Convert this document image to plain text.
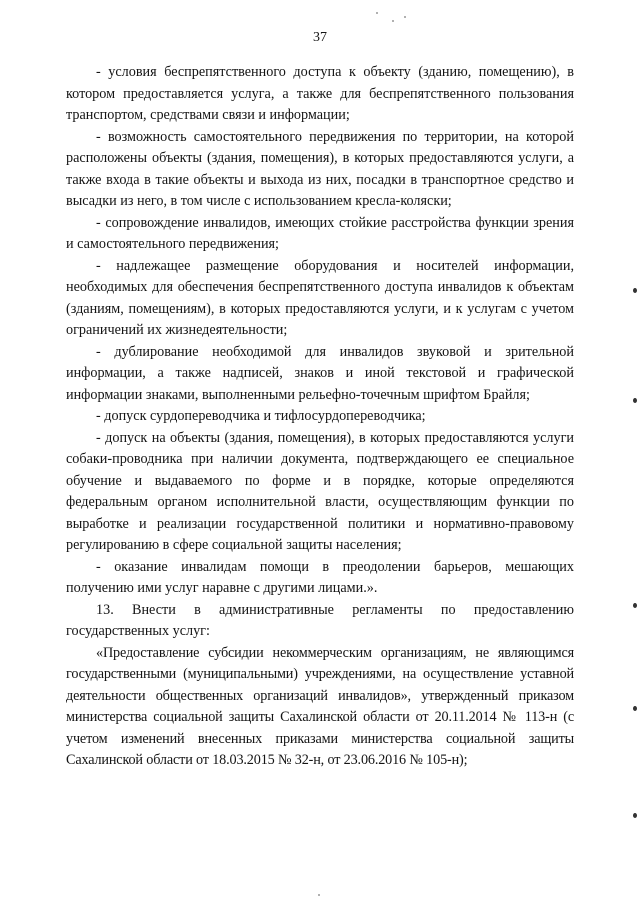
37

- условия беспрепятственного доступа к объекту (зданию, помещению), в котором предоставляется услуга, а также для беспрепятственного пользования транспортом, средствами связи и информации;

- возможность самостоятельного передвижения по территории, на которой расположены объекты (здания, помещения), в которых предоставляются услуги, а также входа в такие объекты и выхода из них, посадки в транспортное средство и высадки из него, в том числе с использованием кресла-коляски;

- сопровождение инвалидов, имеющих стойкие расстройства функции зрения и самостоятельного передвижения;

- надлежащее размещение оборудования и носителей информации, необходимых для обеспечения беспрепятственного доступа инвалидов к объектам (зданиям, помещениям), в которых предоставляются услуги, и к услугам с учетом ограничений их жизнедеятельности;

- дублирование необходимой для инвалидов звуковой и зрительной информации, а также надписей, знаков и иной текстовой и графической информации знаками, выполненными рельефно-точечным шрифтом Брайля;

- допуск сурдопереводчика и тифлосурдопереводчика;

- допуск на объекты (здания, помещения), в которых предоставляются услуги собаки-проводника при наличии документа, подтверждающего ее специальное обучение и выдаваемого по форме и в порядке, которые определяются федеральным органом исполнительной власти, осуществляющим функции по выработке и реализации государственной политики и нормативно-правовому регулированию в сфере социальной защиты населения;

- оказание инвалидам помощи в преодолении барьеров, мешающих получению ими услуг наравне с другими лицами.».

13. Внести в административные регламенты по предоставлению государственных услуг:

«Предоставление субсидии некоммерческим организациям, не являющимся государственными (муниципальными) учреждениями, на осуществление уставной деятельности общественных организаций инвалидов», утвержденный приказом министерства социальной защиты Сахалинской области от 20.11.2014 № 113-н (с учетом изменений внесенных приказами министерства социальной защиты Сахалинской области от 18.03.2015 № 32-н, от 23.06.2016 № 105-н);
